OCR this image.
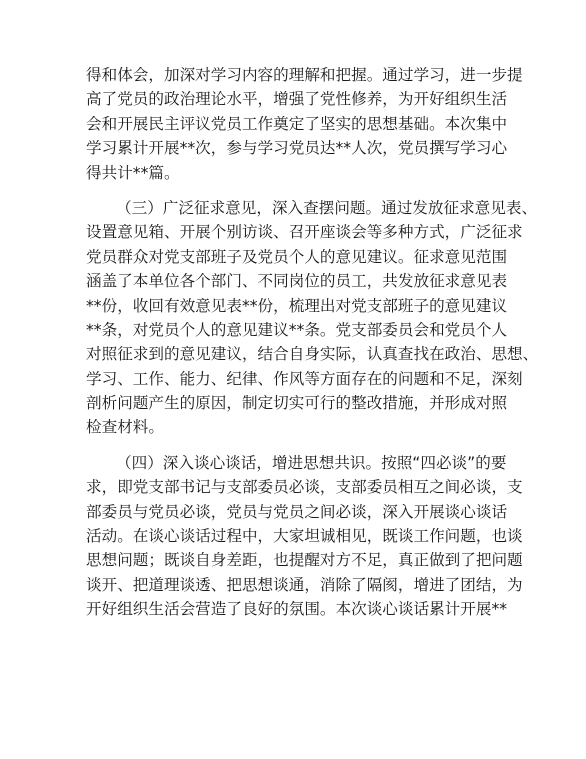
得和体会，加深对学习内容的理解和把握。通过学习，进一步提
高了党员的政治理论水平，增强了党性修养，为开好组织生活
会和开展民主评议党员工作奠定了坚实的思想基础。本次集中
学习累计开展**次，参与学习党员达**人次，党员撰写学习心
得共计**篇。
（三）广泛征求意见，深入查摆问题。通过发放征求意见表、
设置意见箱、开展个别访谈、召开座谈会等多种方式，广泛征求
党员群众对党支部班子及党员个人的意见建议。征求意见范围
涵盖了本单位各个部门、不同岗位的员工，共发放征求意见表
**份，收回有效意见表**份，梳理出对党支部班子的意见建议
**条，对党员个人的意见建议**条。党支部委员会和党员个人
对照征求到的意见建议，结合自身实际，认真查找在政治、思想、
学习、工作、能力、纪律、作风等方面存在的问题和不足，深刻
剖析问题产生的原因，制定切实可行的整改措施，并形成对照
检查材料。
（四）深入谈心谈话，增进思想共识。按照“四必谈”的要
求，即党支部书记与支部委员必谈，支部委员相互之间必谈，支
部委员与党员必谈，党员与党员之间必谈，深入开展谈心谈话
活动。在谈心谈话过程中，大家坦诚相见，既谈工作问题，也谈
思想问题；既谈自身差距，也提醒对方不足，真正做到了把问题
谈开、把道理谈透、把思想谈通，消除了隔阂，增进了团结，为
开好组织生活会营造了良好的氛围。本次谈心谈话累计开展**
